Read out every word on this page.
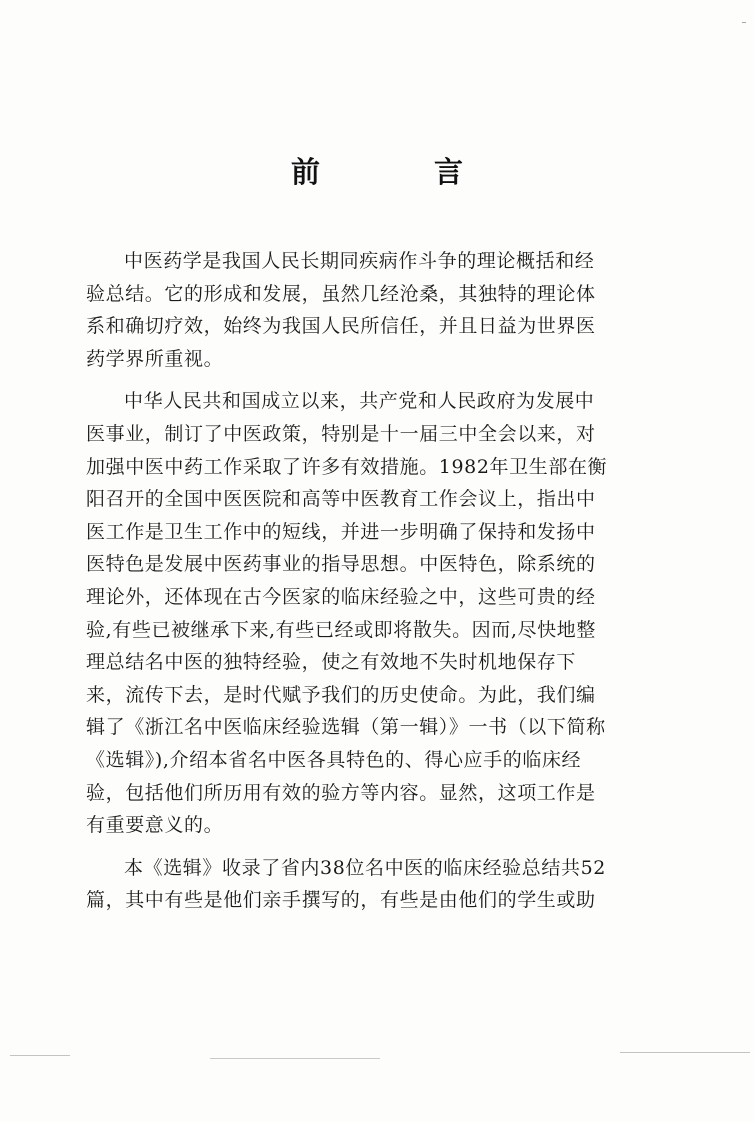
前 言
中医药学是我国人民长期同疾病作斗争的理论概括和经
验总结。它的形成和发展，虽然几经沧桑，其独特的理论体
系和确切疗效，始终为我国人民所信任，并且日益为世界医
药学界所重视。
中华人民共和国成立以来，共产党和人民政府为发展中
医事业，制订了中医政策，特别是十一届三中全会以来，对
加强中医中药工作采取了许多有效措施。1982年卫生部在衡
阳召开的全国中医医院和高等中医教育工作会议上，指出中
医工作是卫生工作中的短线，并进一步明确了保持和发扬中
医特色是发展中医药事业的指导思想。中医特色，除系统的
理论外，还体现在古今医家的临床经验之中，这些可贵的经
验,有些已被继承下来,有些已经或即将散失。因而,尽快地整
理总结名中医的独特经验，使之有效地不失时机地保存下
来，流传下去，是时代赋予我们的历史使命。为此，我们编
辑了《浙江名中医临床经验选辑（第一辑）》一书（以下简称
《选辑》),介绍本省名中医各具特色的、得心应手的临床经
验，包括他们所历用有效的验方等内容。显然，这项工作是
有重要意义的。
本《选辑》收录了省内38位名中医的临床经验总结共52
篇，其中有些是他们亲手撰写的，有些是由他们的学生或助
